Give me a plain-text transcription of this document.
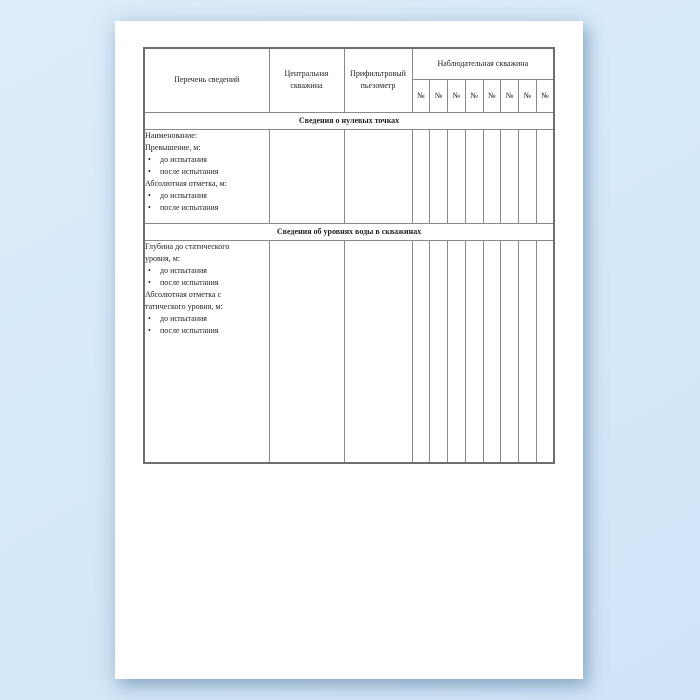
Перечень сведений	Центральная скважина	Прифильтровый пьезометр	Наблюдательная скважина							
			№	№	№	№	№	№	№	№
Сведения о нулевых точках										

Наименование:
Превышение, м:
• до испытания
• после испытания
Абсолютная отметка, м:
• до испытания
• после испытания

Сведения об уровнях воды в скважинах										

Глубина до статического
уровня, м:
• до испытания
• после испытания
Абсолютная отметка с
татического уровня, м:
• до испытания
• после испытания
